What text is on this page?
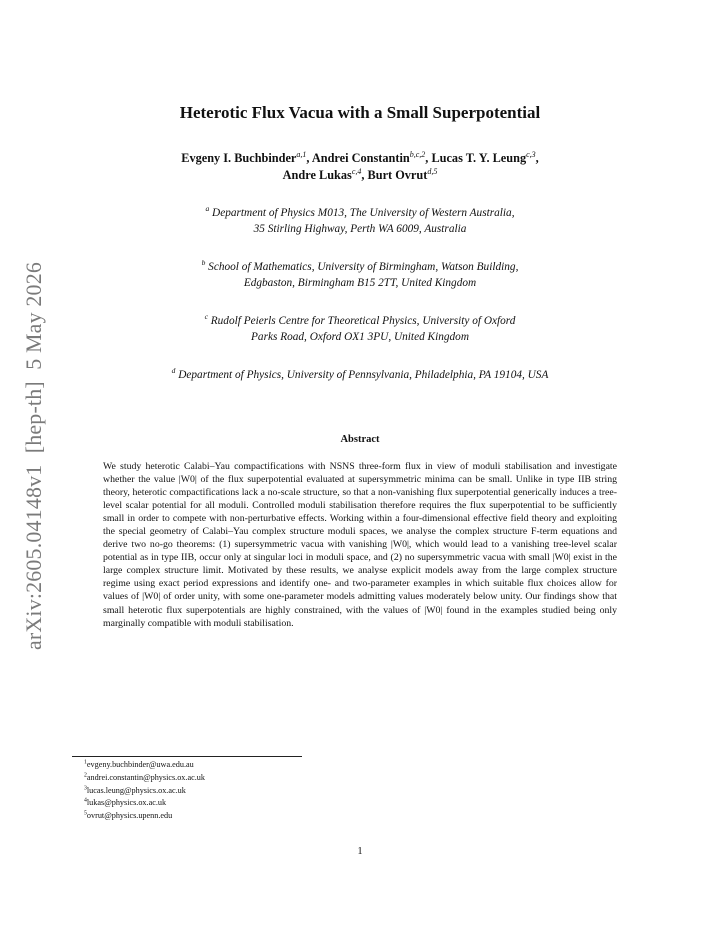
arXiv:2605.04148v1  [hep-th]  5 May 2026
Heterotic Flux Vacua with a Small Superpotential
Evgeny I. Buchbinder$^{a,1}$, Andrei Constantin$^{b,c,2}$, Lucas T. Y. Leung$^{c,3}$,
Andre Lukas$^{c,4}$, Burt Ovrut$^{d,5}$
$^a$ Department of Physics M013, The University of Western Australia,
35 Stirling Highway, Perth WA 6009, Australia
$^b$ School of Mathematics, University of Birmingham, Watson Building,
Edgbaston, Birmingham B15 2TT, United Kingdom
$^c$ Rudolf Peierls Centre for Theoretical Physics, University of Oxford
Parks Road, Oxford OX1 3PU, United Kingdom
$^d$ Department of Physics, University of Pennsylvania, Philadelphia, PA 19104, USA
Abstract
We study heterotic Calabi–Yau compactifications with NSNS three-form flux in view of moduli stabilisation and investigate whether the value |W0| of the flux superpotential evaluated at supersymmetric minima can be small. Unlike in type IIB string theory, heterotic compactifications lack a no-scale structure, so that a non-vanishing flux superpotential generically induces a tree-level scalar potential for all moduli. Controlled moduli stabilisation therefore requires the flux superpotential to be sufficiently small in order to compete with non-perturbative effects. Working within a four-dimensional effective field theory and exploiting the special geometry of Calabi–Yau complex structure moduli spaces, we analyse the complex structure F-term equations and derive two no-go theorems: (1) supersymmetric vacua with vanishing |W0|, which would lead to a vanishing tree-level scalar potential as in type IIB, occur only at singular loci in moduli space, and (2) no supersymmetric vacua with small |W0| exist in the large complex structure limit. Motivated by these results, we analyse explicit models away from the large complex structure regime using exact period expressions and identify one- and two-parameter examples in which suitable flux choices allow for values of |W0| of order unity, with some one-parameter models admitting values moderately below unity. Our findings show that small heterotic flux superpotentials are highly constrained, with the values of |W0| found in the examples studied being only marginally compatible with moduli stabilisation.
$^1$evgeny.buchbinder@uwa.edu.au
$^2$andrei.constantin@physics.ox.ac.uk
$^3$lucas.leung@physics.ox.ac.uk
$^4$lukas@physics.ox.ac.uk
$^5$ovrut@physics.upenn.edu
1
